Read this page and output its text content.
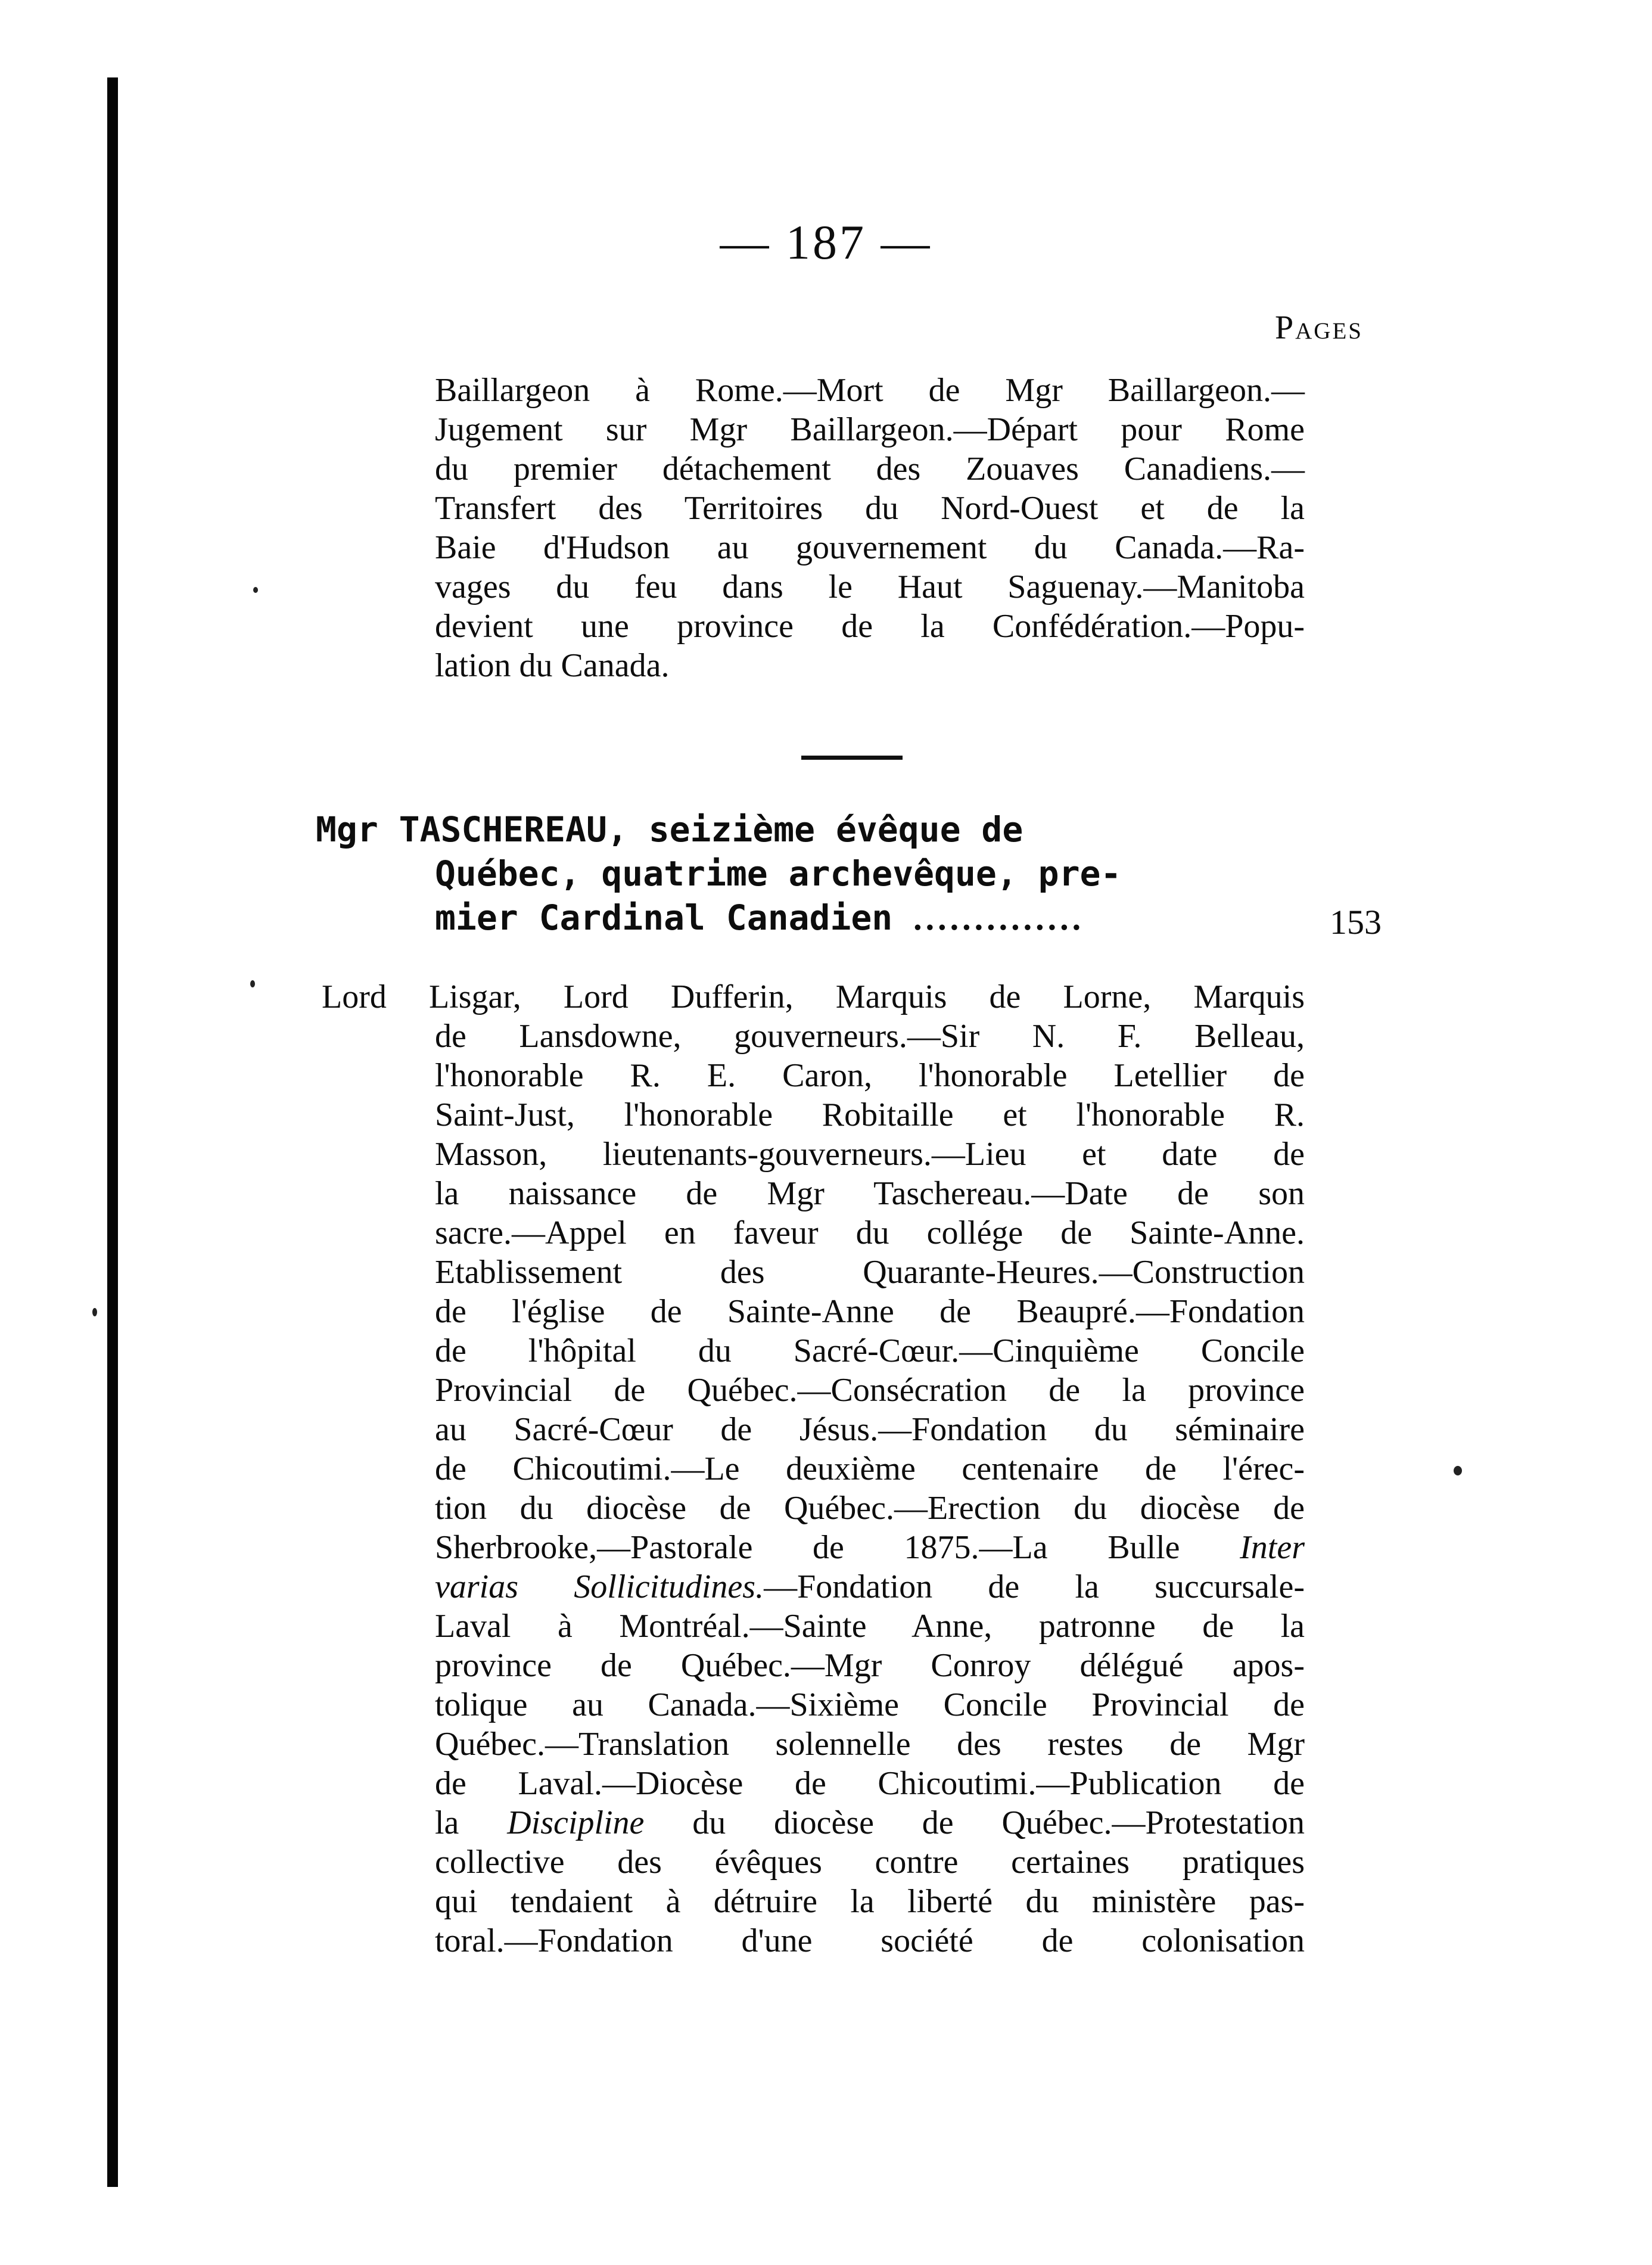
— 187 —
Pages
Baillargeon à Rome.—Mort de Mgr Baillargeon.—
Jugement sur Mgr Baillargeon.—Départ pour Rome
du premier détachement des Zouaves Canadiens.—
Transfert des Territoires du Nord-Ouest et de la
Baie d'Hudson au gouvernement du Canada.—Ra-
vages du feu dans le Haut Saguenay.—Manitoba
devient une province de la Confédération.—Popu-
lation du Canada.
Mgr TASCHEREAU, seizième évêque de
Québec, quatrime archevêque, pre-
mier Cardinal Canadien ..............	153
Lord Lisgar, Lord Dufferin, Marquis de Lorne, Marquis
de Lansdowne, gouverneurs.—Sir N. F. Belleau,
l'honorable R. E. Caron, l'honorable Letellier de
Saint-Just, l'honorable Robitaille et l'honorable R.
Masson, lieutenants-gouverneurs.—Lieu et date de
la naissance de Mgr Taschereau.—Date de son
sacre.—Appel en faveur du collége de Sainte-Anne.
Etablissement des Quarante-Heures.—Construction
de l'église de Sainte-Anne de Beaupré.—Fondation
de l'hôpital du Sacré-Cœur.—Cinquième Concile
Provincial de Québec.—Consécration de la province
au Sacré-Cœur de Jésus.—Fondation du séminaire
de Chicoutimi.—Le deuxième centenaire de l'érec-
tion du diocèse de Québec.—Erection du diocèse de
Sherbrooke,—Pastorale de 1875.—La Bulle Inter
varias Sollicitudines.—Fondation de la succursale-
Laval à Montréal.—Sainte Anne, patronne de la
province de Québec.—Mgr Conroy délégué apos-
tolique au Canada.—Sixième Concile Provincial de
Québec.—Translation solennelle des restes de Mgr
de Laval.—Diocèse de Chicoutimi.—Publication de
la Discipline du diocèse de Québec.—Protestation
collective des évêques contre certaines pratiques
qui tendaient à détruire la liberté du ministère pas-
toral.—Fondation d'une société de colonisation
